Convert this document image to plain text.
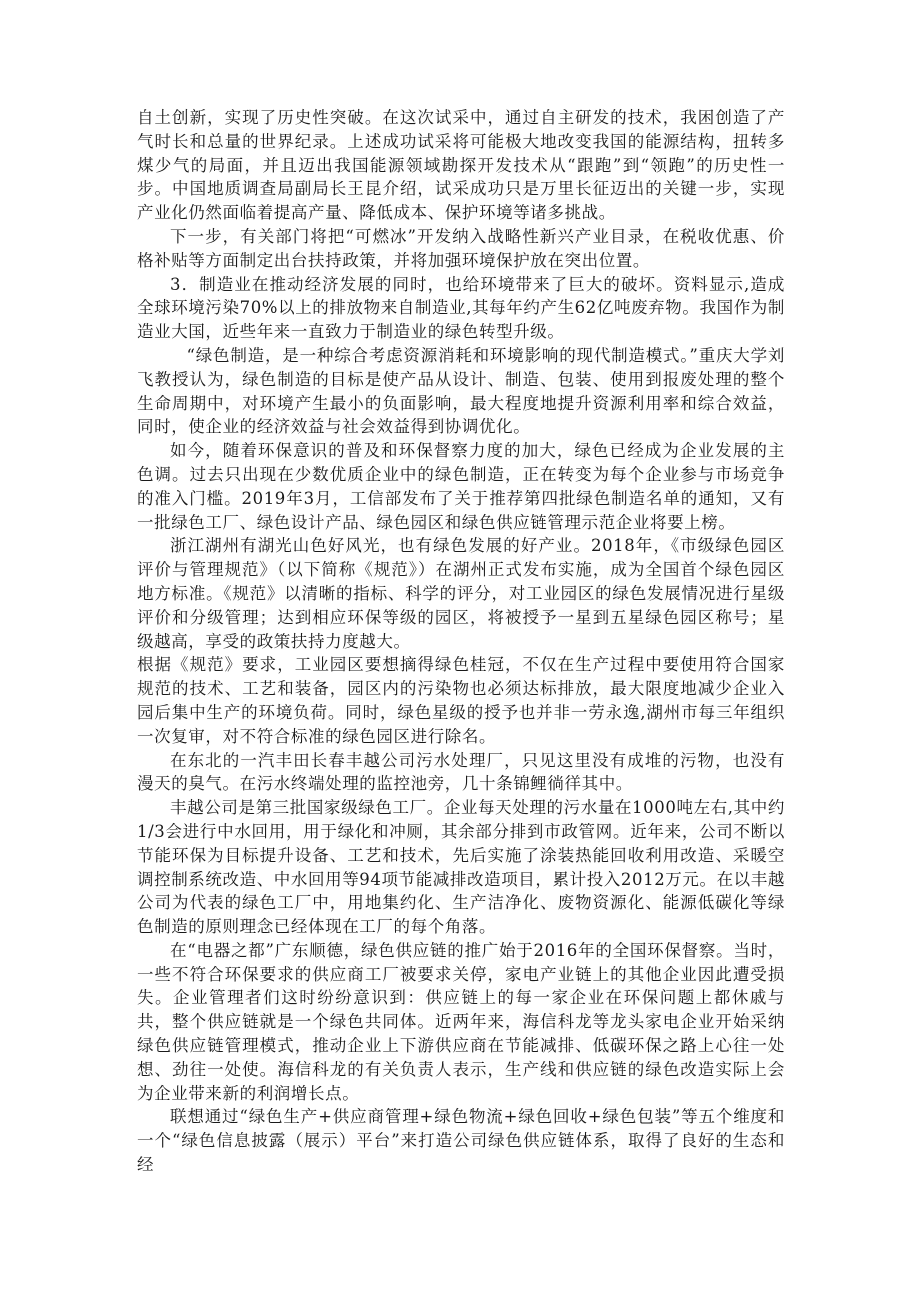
自土创新，实现了历史性突破。在这次试采中，通过自主研发的技术，我困创造了产气时长和总量的世界纪录。上述成功试采将可能极大地改变我国的能源结构，扭转多煤少气的局面，并且迈出我国能源领域勘探开发技术从“跟跑”到“领跑”的历史性一步。中国地质调查局副局长王昆介绍，试采成功只是万里长征迈出的关键一步，实现产业化仍然面临着提高产量、降低成本、保护环境等诸多挑战。

下一步，有关部门将把“可燃冰”开发纳入战略性新兴产业目录，在税收优惠、价格补贴等方面制定出台扶持政策，并将加强环境保护放在突出位置。

3．制造业在推动经济发展的同时，也给环境带来了巨大的破坏。资料显示,造成全球环境污染70%以上的排放物来自制造业,其每年约产生62亿吨废弃物。我国作为制造业大国，近些年来一直致力于制造业的绿色转型升级。

“绿色制造，是一种综合考虑资源消耗和环境影响的现代制造模式。”重庆大学刘飞教授认为，绿色制造的目标是使产品从设计、制造、包装、使用到报废处理的整个生命周期中，对环境产生最小的负面影响，最大程度地提升资源利用率和综合效益，同时，使企业的经济效益与社会效益得到协调优化。

如今，随着环保意识的普及和环保督察力度的加大，绿色已经成为企业发展的主色调。过去只出现在少数优质企业中的绿色制造，正在转变为每个企业参与市场竞争的准入门槛。2019年3月，工信部发布了关于推荐第四批绿色制造名单的通知，又有一批绿色工厂、绿色设计产品、绿色园区和绿色供应链管理示范企业将要上榜。

浙江湖州有湖光山色好风光，也有绿色发展的好产业。2018年，《市级绿色园区评价与管理规范》（以下简称《规范》）在湖州正式发布实施，成为全国首个绿色园区地方标准。《规范》以清晰的指标、科学的评分，对工业园区的绿色发展情况进行星级评价和分级管理；达到相应环保等级的园区，将被授予一星到五星绿色园区称号；星级越高，享受的政策扶持力度越大。

根据《规范》要求，工业园区要想摘得绿色桂冠，不仅在生产过程中要使用符合国家规范的技术、工艺和装备，园区内的污染物也必须达标排放，最大限度地减少企业入园后集中生产的环境负荷。同时，绿色星级的授予也并非一劳永逸,湖州市每三年组织一次复审，对不符合标准的绿色园区进行除名。

在东北的一汽丰田长春丰越公司污水处理厂，只见这里没有成堆的污物，也没有漫天的臭气。在污水终端处理的监控池旁，几十条锦鲤徜徉其中。

丰越公司是第三批国家级绿色工厂。企业每天处理的污水量在1000吨左右,其中约1/3会进行中水回用，用于绿化和冲厕，其余部分排到市政管网。近年来，公司不断以节能环保为目标提升设备、工艺和技术，先后实施了涂装热能回收利用改造、采暖空调控制系统改造、中水回用等94项节能减排改造项目，累计投入2012万元。在以丰越公司为代表的绿色工厂中，用地集约化、生产洁净化、废物资源化、能源低碳化等绿色制造的原则理念已经体现在工厂的每个角落。

在“电器之都”广东顺德，绿色供应链的推广始于2016年的全国环保督察。当时，一些不符合环保要求的供应商工厂被要求关停，家电产业链上的其他企业因此遭受损失。企业管理者们这时纷纷意识到：供应链上的每一家企业在环保问题上都休戚与共，整个供应链就是一个绿色共同体。近两年来，海信科龙等龙头家电企业开始采纳绿色供应链管理模式，推动企业上下游供应商在节能减排、低碳环保之路上心往一处想、劲往一处使。海信科龙的有关负责人表示，生产线和供应链的绿色改造实际上会为企业带来新的利润增长点。

联想通过“绿色生产+供应商管理+绿色物流+绿色回收+绿色包装”等五个维度和一个“绿色信息披露（展示）平台”来打造公司绿色供应链体系，取得了良好的生态和经
